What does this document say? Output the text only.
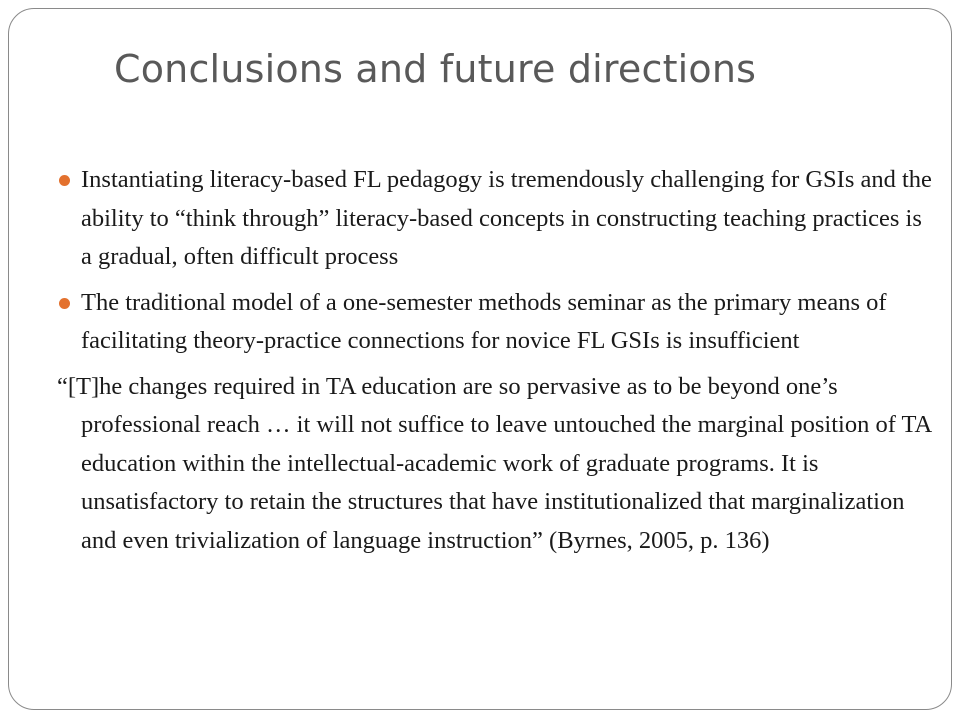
Conclusions and future directions
Instantiating literacy-based FL pedagogy is tremendously challenging for GSIs and the ability to “think through” literacy-based concepts in constructing teaching practices is a gradual, often difficult process
The traditional model of a one-semester methods seminar as the primary means of facilitating theory-practice connections for novice FL GSIs is insufficient
“[T]he changes required in TA education are so pervasive as to be beyond one’s professional reach … it will not suffice to leave untouched the marginal position of TA education within the intellectual-academic work of graduate programs. It is unsatisfactory to retain the structures that have institutionalized that marginalization and even trivialization of language instruction” (Byrnes, 2005, p. 136)
